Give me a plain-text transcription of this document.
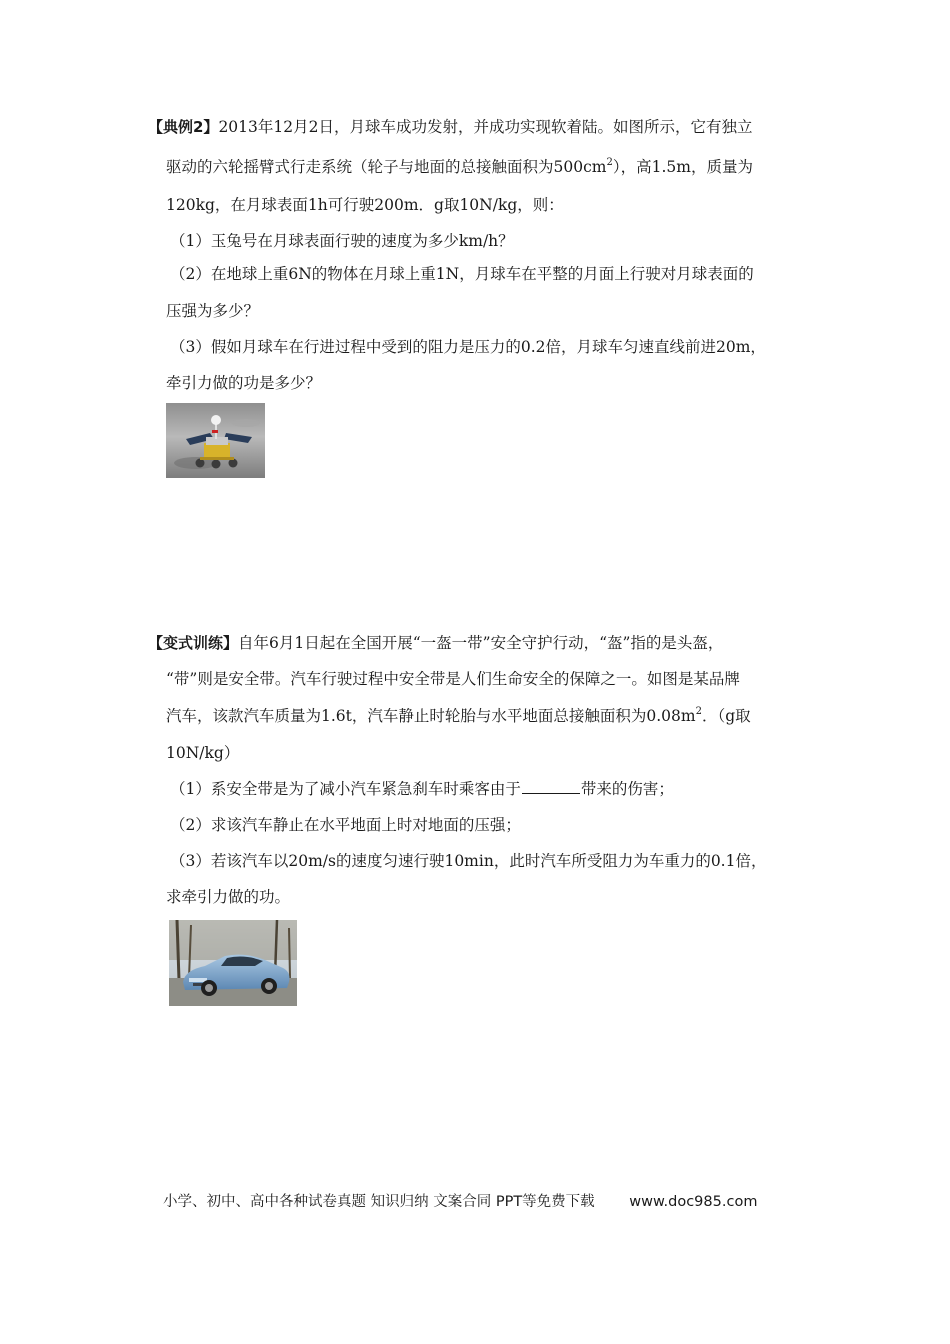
【典例2】2013年12月2日，月球车成功发射，并成功实现软着陆。如图所示，它有独立
驱动的六轮摇臂式行走系统（轮子与地面的总接触面积为$500cm^2$），高1.5m，质量为
120kg，在月球表面1h可行驶200m．g取10N/kg，则：
（1）玉兔号在月球表面行驶的速度为多少km/h？
（2）在地球上重6N的物体在月球上重1N，月球车在平整的月面上行驶对月球表面的
压强为多少？
（3）假如月球车在行进过程中受到的阻力是压力的0.2倍，月球车匀速直线前进20m，
牵引力做的功是多少？
【变式训练】自年6月1日起在全国开展“一盔一带”安全守护行动，“盔”指的是头盔，
“带”则是安全带。汽车行驶过程中安全带是人们生命安全的保障之一。如图是某品牌
汽车，该款汽车质量为1.6t，汽车静止时轮胎与水平地面总接触面积为$0.08m^2$．（g取
10N/kg）
（1）系安全带是为了减小汽车紧急刹车时乘客由于	带来的伤害；
（2）求该汽车静止在水平地面上时对地面的压强；
（3）若该汽车以20m/s的速度匀速行驶10min，此时汽车所受阻力为车重力的0.1倍，
求牵引力做的功。
小学、初中、高中各种试卷真题 知识归纳 文案合同 PPT等免费下载 www.doc985.com
